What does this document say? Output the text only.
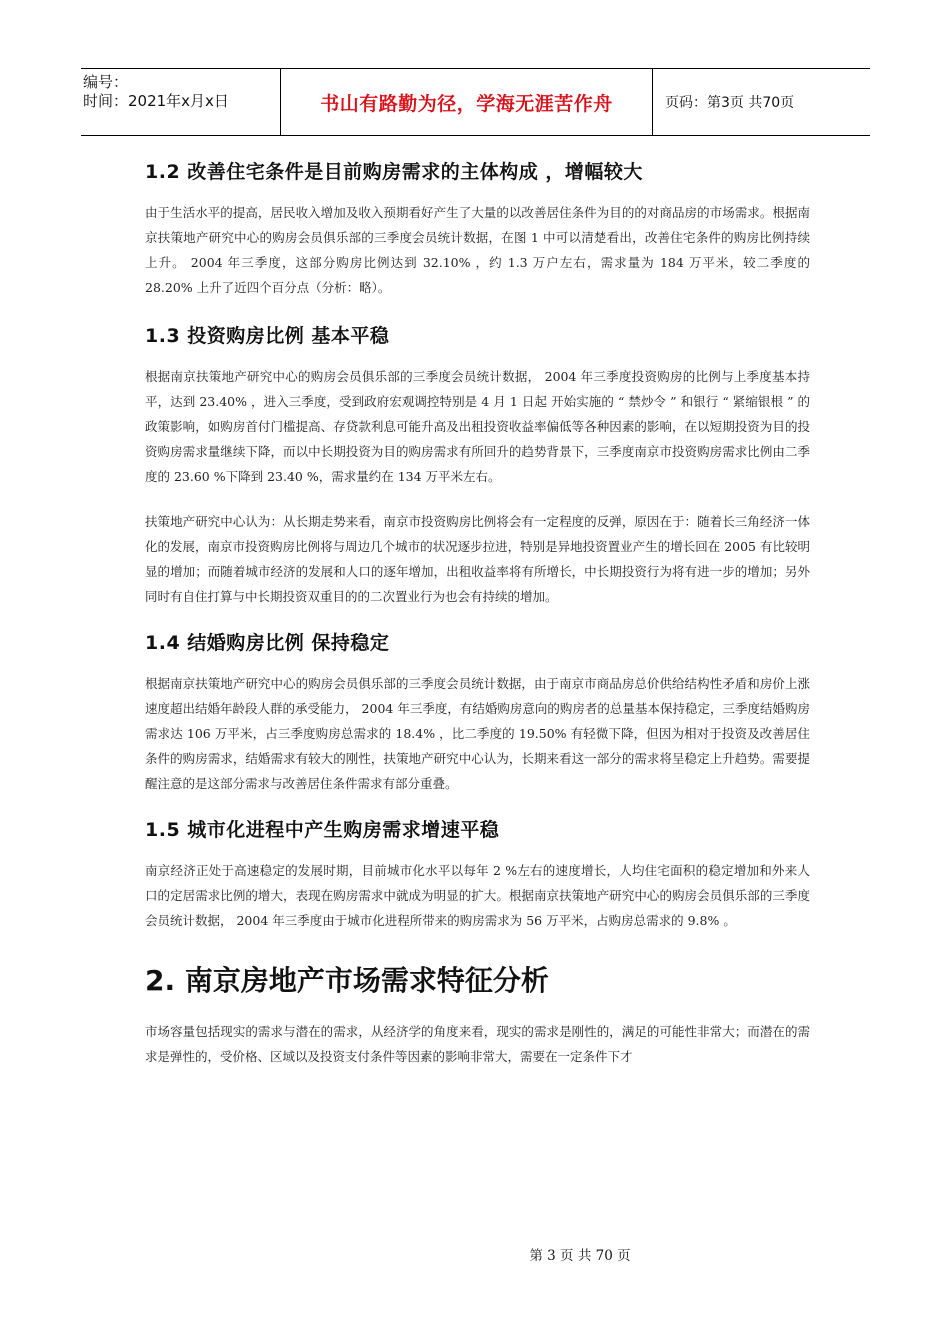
编号：
时间：2021年x月x日	书山有路勤为径，学海无涯苦作舟	页码：第3页 共70页
1.2 改善住宅条件是目前购房需求的主体构成 ，增幅较大

由于生活水平的提高，居民收入增加及收入预期看好产生了大量的以改善居住条件为目的的对商品房的市场需求。根据南京扶策地产研究中心的购房会员俱乐部的三季度会员统计数据，在图 1 中可以清楚看出，改善住宅条件的购房比例持续上升。 2004 年三季度，这部分购房比例达到 32.10% ，约 1.3 万户左右，需求量为 184 万平米，较二季度的 28.20% 上升了近四个百分点（分析：略）。

1.3 投资购房比例 基本平稳

根据南京扶策地产研究中心的购房会员俱乐部的三季度会员统计数据， 2004 年三季度投资购房的比例与上季度基本持平，达到 23.40% ，进入三季度，受到政府宏观调控特别是 4 月 1 日起 开始实施的 “ 禁炒令 ” 和银行 “ 紧缩银根 ” 的政策影响，如购房首付门槛提高、存贷款利息可能升高及出租投资收益率偏低等各种因素的影响，在以短期投资为目的投资购房需求量继续下降，而以中长期投资为目的购房需求有所回升的趋势背景下，三季度南京市投资购房需求比例由二季度的 23.60 %下降到 23.40 %，需求量约在 134 万平米左右。

扶策地产研究中心认为：从长期走势来看，南京市投资购房比例将会有一定程度的反弹，原因在于：随着长三角经济一体化的发展，南京市投资购房比例将与周边几个城市的状况逐步拉进，特别是异地投资置业产生的增长回在 2005 有比较明显的增加；而随着城市经济的发展和人口的逐年增加，出租收益率将有所增长，中长期投资行为将有进一步的增加；另外同时有自住打算与中长期投资双重目的的二次置业行为也会有持续的增加。

1.4 结婚购房比例 保持稳定

根据南京扶策地产研究中心的购房会员俱乐部的三季度会员统计数据，由于南京市商品房总价供给结构性矛盾和房价上涨速度超出结婚年龄段人群的承受能力， 2004 年三季度，有结婚购房意向的购房者的总量基本保持稳定，三季度结婚购房需求达 106 万平米，占三季度购房总需求的 18.4% ，比二季度的 19.50% 有轻微下降，但因为相对于投资及改善居住条件的购房需求，结婚需求有较大的刚性，扶策地产研究中心认为，长期来看这一部分的需求将呈稳定上升趋势。需要提醒注意的是这部分需求与改善居住条件需求有部分重叠。

1.5 城市化进程中产生购房需求增速平稳

南京经济正处于高速稳定的发展时期，目前城市化水平以每年 2 %左右的速度增长，人均住宅面积的稳定增加和外来人口的定居需求比例的增大，表现在购房需求中就成为明显的扩大。根据南京扶策地产研究中心的购房会员俱乐部的三季度会员统计数据， 2004 年三季度由于城市化进程所带来的购房需求为 56 万平米，占购房总需求的 9.8% 。

2. 南京房地产市场需求特征分析

市场容量包括现实的需求与潜在的需求，从经济学的角度来看，现实的需求是刚性的，满足的可能性非常大；而潜在的需求是弹性的，受价格、区域以及投资支付条件等因素的影响非常大，需要在一定条件下才

第 3 页 共 70 页
